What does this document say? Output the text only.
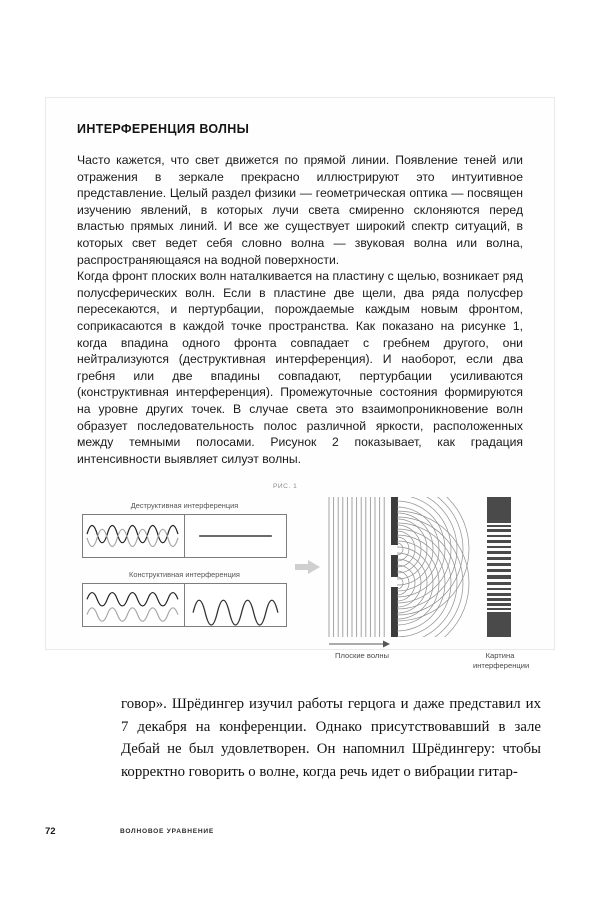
ИНТЕРФЕРЕНЦИЯ ВОЛНЫ

Часто кажется, что свет движется по прямой линии. Появление теней или отражения в зеркале прекрасно иллюстрируют это интуитивное представление. Целый раздел физики — геометрическая оптика — посвящен изучению явлений, в которых лучи света смиренно склоняются перед властью прямых линий. И все же существует широкий спектр ситуаций, в которых свет ведет себя словно волна — звуковая волна или волна, распространяющаяся на водной поверхности.

Когда фронт плоских волн наталкивается на пластину с щелью, возникает ряд полусферических волн. Если в пластине две щели, два ряда полусфер пересекаются, и пертурбации, порождаемые каждым новым фронтом, соприкасаются в каждой точке пространства. Как показано на рисунке 1, когда впадина одного фронта совпадает с гребнем другого, они нейтрализуются (деструктивная интерференция). И наоборот, если два гребня или две впадины совпадают, пертурбации усиливаются (конструктивная интерференция). Промежуточные состояния формируются на уровне других точек. В случае света это взаимопроникновение волн образует последовательность полос различной яркости, расположенных между темными полосами. Рисунок 2 показывает, как градация интенсивности выявляет силуэт волны.

РИС. 1
Деструктивная интерференция
Конструктивная интерференция
Плоские волны	Картина интерференции

говор». Шрёдингер изучил работы герцога и даже представил их 7 декабря на конференции. Однако присутствовавший в зале Дебай не был удовлетворен. Он напомнил Шрёдингеру: чтобы корректно говорить о волне, когда речь идет о вибрации гитар-

72	ВОЛНОВОЕ УРАВНЕНИЕ
